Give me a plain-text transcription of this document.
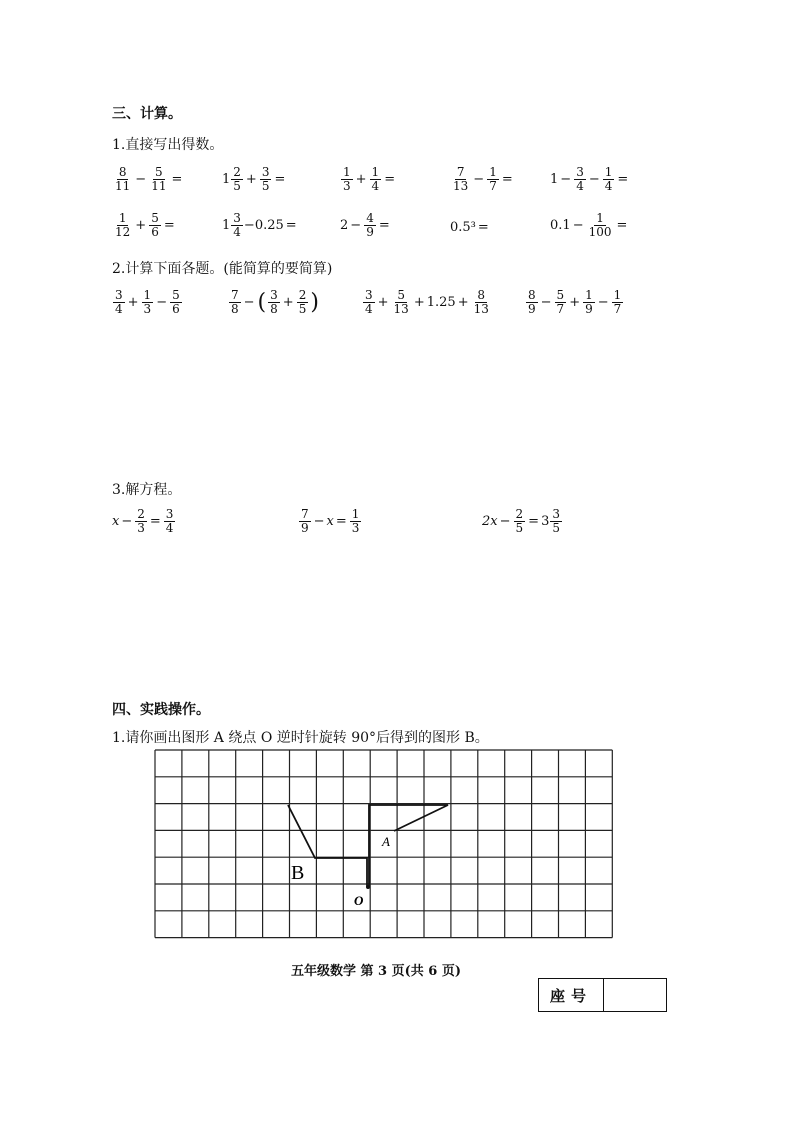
三、计算。
1.直接写出得数。
$\frac{8}{11} - \frac{5}{11}$ =	$1 \frac{2}{5} + \frac{3}{5}$ =	$\frac{1}{3} + \frac{1}{4}$ =	$\frac{7}{13} - \frac{1}{7}$ =	$1 - \frac{3}{4} - \frac{1}{4}$ =
$\frac{1}{12} + \frac{5}{6}$ =	$1 \frac{3}{4} -0.25$ =	$2 - \frac{4}{9}$ =	0.5³ =	$0.1 - \frac{1}{100}$ =
2.计算下面各题。(能简算的要简算)
$\frac{3}{4} + \frac{1}{3} - \frac{5}{6}$	$\frac{7}{8}$ − ( $\frac{3}{8} + \frac{2}{5}$ )	$\frac{3}{4} + \frac{5}{13} + 1.25 + \frac{8}{13}$	$\frac{8}{9} - \frac{5}{7} + \frac{1}{9} - \frac{1}{7}$
3.解方程。
$x - \frac{2}{3} = \frac{3}{4}$	$\frac{7}{9} - x = \frac{1}{3}$	$2x - \frac{2}{5} = 3 \frac{3}{5}$
四、实践操作。
1.请你画出图形 A 绕点 O 逆时针旋转 90°后得到的图形 B。
A
O
B
五年级数学 第 3 页(共 6 页)
座号
